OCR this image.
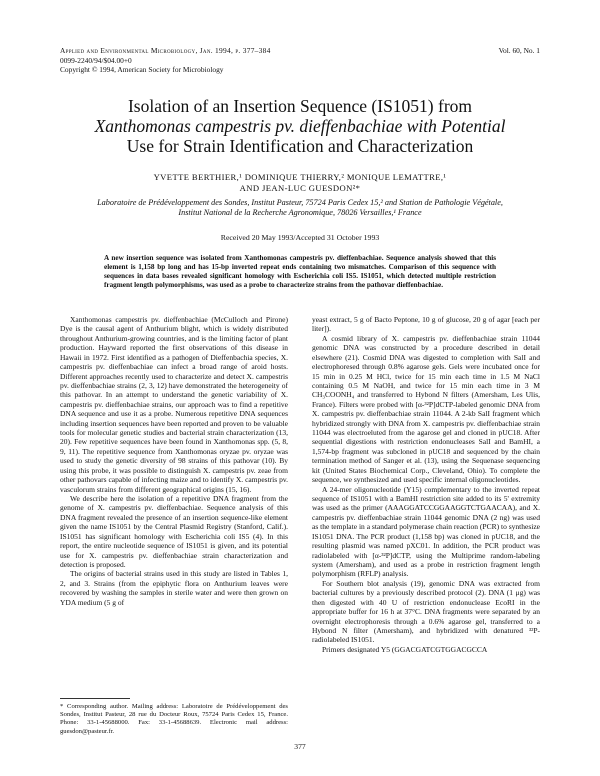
Applied and Environmental Microbiology, Jan. 1994, p. 377–384
0099-2240/94/$04.00+0
Copyright © 1994, American Society for Microbiology
Vol. 60, No. 1
Isolation of an Insertion Sequence (IS1051) from
Xanthomonas campestris pv. dieffenbachiae with Potential
Use for Strain Identification and Characterization
YVETTE BERTHIER,¹ DOMINIQUE THIERRY,² MONIQUE LEMATTRE,¹
AND JEAN-LUC GUESDON²*
Laboratoire de Prédéveloppement des Sondes, Institut Pasteur, 75724 Paris Cedex 15,² and Station de Pathologie Végétale, Institut National de la Recherche Agronomique, 78026 Versailles,¹ France
Received 20 May 1993/Accepted 31 October 1993
A new insertion sequence was isolated from Xanthomonas campestris pv. dieffenbachiae. Sequence analysis showed that this element is 1,158 bp long and has 15-bp inverted repeat ends containing two mismatches. Comparison of this sequence with sequences in data bases revealed significant homology with Escherichia coli IS5. IS1051, which detected multiple restriction fragment length polymorphisms, was used as a probe to characterize strains from the pathovar dieffenbachiae.

Xanthomonas campestris pv. dieffenbachiae (McCulloch and Pirone) Dye is the causal agent of Anthurium blight, which is widely distributed throughout Anthurium-growing countries, and is the limiting factor of plant production. Hayward reported the first observations of this disease in Hawaii in 1972. First identified as a pathogen of Dieffenbachia species, X. campestris pv. dieffenbachiae can infect a broad range of aroid hosts. Different approaches recently used to characterize and detect X. campestris pv. dieffenbachiae strains (2, 3, 12) have demonstrated the heterogeneity of this pathovar. In an attempt to understand the genetic variability of X. campestris pv. dieffenbachiae strains, our approach was to find a repetitive DNA sequence and use it as a probe. Numerous repetitive DNA sequences including insertion sequences have been reported and proven to be valuable tools for molecular genetic studies and bacterial strain characterization (13, 20). Few repetitive sequences have been found in Xanthomonas spp. (5, 8, 9, 11). The repetitive sequence from Xanthomonas oryzae pv. oryzae was used to study the genetic diversity of 98 strains of this pathovar (10). By using this probe, it was possible to distinguish X. campestris pv. zeae from other pathovars capable of infecting maize and to identify X. campestris pv. vasculorum strains from different geographical origins (15, 16).

We describe here the isolation of a repetitive DNA fragment from the genome of X. campestris pv. dieffenbachiae. Sequence analysis of this DNA fragment revealed the presence of an insertion sequence-like element given the name IS1051 by the Central Plasmid Registry (Stanford, Calif.). IS1051 has significant homology with Escherichia coli IS5 (4). In this report, the entire nucleotide sequence of IS1051 is given, and its potential use for X. campestris pv. dieffenbachiae strain characterization and detection is proposed.

The origins of bacterial strains used in this study are listed in Tables 1, 2, and 3. Strains (from the epiphytic flora on Anthurium leaves were recovered by washing the samples in sterile water and were then grown on YDA medium (5 g of

yeast extract, 5 g of Bacto Peptone, 10 g of glucose, 20 g of agar [each per liter]).

A cosmid library of X. campestris pv. dieffenbachiae strain 11044 genomic DNA was constructed by a procedure described in detail elsewhere (21). Cosmid DNA was digested to completion with SalI and electrophoresed through 0.8% agarose gels. Gels were incubated once for 15 min in 0.25 M HCl, twice for 15 min each time in 1.5 M NaCl containing 0.5 M NaOH, and twice for 15 min each time in 3 M CH₃COONH₄ and transferred to Hybond N filters (Amersham, Les Ulis, France). Filters were probed with [α-³²P]dCTP-labeled genomic DNA from X. campestris pv. dieffenbachiae strain 11044. A 2-kb SalI fragment which hybridized strongly with DNA from X. campestris pv. dieffenbachiae strain 11044 was electroeluted from the agarose gel and cloned in pUC18. After sequential digestions with restriction endonucleases SalI and BamHI, a 1,574-bp fragment was subcloned in pUC18 and sequenced by the chain termination method of Sanger et al. (13), using the Sequenase sequencing kit (United States Biochemical Corp., Cleveland, Ohio). To complete the sequence, we synthesized and used specific internal oligonucleotides.

A 24-mer oligonucleotide (Y15) complementary to the inverted repeat sequence of IS1051 with a BamHI restriction site added to its 5' extremity was used as the primer (AAAGGATCCGGAAGGTCTGAACAA), and X. campestris pv. dieffenbachiae strain 11044 genomic DNA (2 ng) was used as the template in a standard polymerase chain reaction (PCR) to synthesize IS1051 DNA. The PCR product (1,158 bp) was cloned in pUC18, and the resulting plasmid was named pXC01. In addition, the PCR product was radiolabeled with [α-³²P]dCTP, using the Multiprime random-labeling system (Amersham), and used as a probe in restriction fragment length polymorphism (RFLP) analysis.

For Southern blot analysis (19), genomic DNA was extracted from bacterial cultures by a previously described protocol (2). DNA (1 μg) was then digested with 40 U of restriction endonuclease EcoRI in the appropriate buffer for 16 h at 37°C. DNA fragments were separated by an overnight electrophoresis through a 0.6% agarose gel, transferred to a Hybond N filter (Amersham), and hybridized with denatured ³²P-radiolabeled IS1051.

Primers designated Y5 (GGACGATCGTGGACGCCA

* Corresponding author. Mailing address: Laboratoire de Prédéveloppement des Sondes, Institut Pasteur, 28 rue du Docteur Roux, 75724 Paris Cedex 15, France. Phone: 33-1-45688000. Fax: 33-1-45688639. Electronic mail address: guesdon@pasteur.fr.
377
